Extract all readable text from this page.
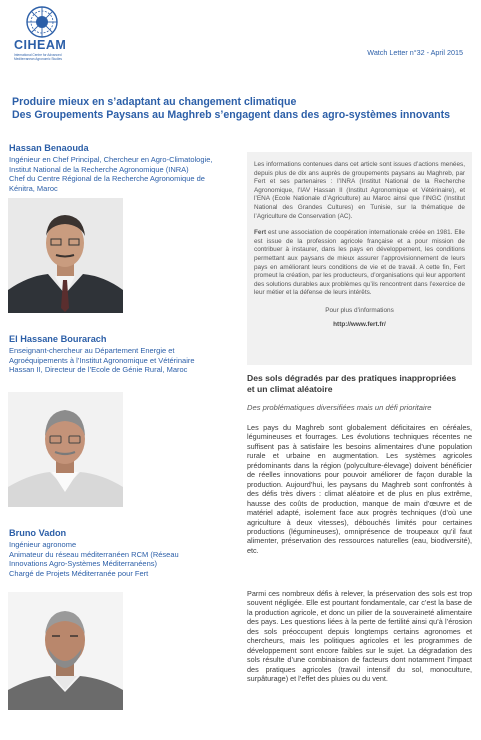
CIHEAM
International Centre for Advanced Mediterranean Agronomic Studies
Watch Letter n°32 - April 2015
Produire mieux en s’adaptant au changement climatique
Des Groupements Paysans au Maghreb s’engagent dans des agro-systèmes innovants
Hassan Benaouda
Ingénieur en Chef Principal, Chercheur en Agro-Climatologie,
Institut National de la Recherche Agronomique (INRA)
Chef du Centre Régional de la Recherche Agronomique de
Kénitra, Maroc
El Hassane Bourarach
Enseignant-chercheur au Département Energie et
Agroéquipements à l’Institut Agronomique et Vétérinaire
Hassan II, Directeur de l’Ecole de Génie Rural, Maroc
Bruno Vadon
Ingénieur agronome
Animateur du réseau méditerranéen RCM (Réseau
Innovations Agro-Systèmes Méditerranéens)
Chargé de Projets Méditerranée pour Fert

Les informations contenues dans cet article sont issues d’actions menées, depuis plus de dix ans auprès de groupements paysans au Maghreb, par Fert et ses partenaires : l’INRA (Institut National de la Recherche Agronomique, l’IAV Hassan II (Institut Agronomique et Vétérinaire), et l’ENA (Ecole Nationale d’Agriculture) au Maroc ainsi que l’INGC (Institut National des Grandes Cultures) en Tunisie, sur la thématique de l’Agriculture de Conservation (AC).

Fert est une association de coopération internationale créée en 1981. Elle est issue de la profession agricole française et a pour mission de contribuer à instaurer, dans les pays en développement, les conditions permettant aux paysans de mieux assurer l’approvisionnement de leurs pays en améliorant leurs conditions de vie et de travail. A cette fin, Fert promeut la création, par les producteurs, d’organisations qui leur apportent des solutions durables aux problèmes qu’ils rencontrent dans l’exercice de leur métier et la défense de leurs intérêts.

Pour plus d’informations
http://www.fert.fr/
Des sols dégradés par des pratiques inappropriées
et un climat aléatoire
Des problématiques diversifiées mais un défi prioritaire

Les pays du Maghreb sont globalement déficitaires en céréales, légumineuses et fourrages. Les évolutions techniques récentes ne suffisent pas à satisfaire les besoins alimentaires d’une population rurale et urbaine en augmentation. Les systèmes agricoles prédominants dans la région (polyculture-élevage) doivent bénéficier de réelles innovations pour pouvoir améliorer de façon durable la production. Aujourd’hui, les paysans du Maghreb sont confrontés à des défis très divers : climat aléatoire et de plus en plus extrême, hausse des coûts de production, manque de main d’œuvre et de matériel adapté, isolement face aux progrès techniques (d’où une agriculture à deux vitesses), débouchés limités pour certaines productions (légumineuses), omniprésence de troupeaux qu’il faut alimenter, préservation des ressources naturelles (eau, biodiversité), etc.

Parmi ces nombreux défis à relever, la préservation des sols est trop souvent négligée. Elle est pourtant fondamentale, car c’est la base de la production agricole, et donc un pilier de la souveraineté alimentaire des pays. Les questions liées à la perte de fertilité ainsi qu’à l’érosion des sols préoccupent depuis longtemps certains agronomes et chercheurs, mais les politiques agricoles et les programmes de développement sont encore faibles sur le sujet. La dégradation des sols résulte d’une combinaison de facteurs dont notamment l’impact des pratiques agricoles (travail intensif du sol, monoculture, surpâturage) et l’effet des pluies ou du vent.
